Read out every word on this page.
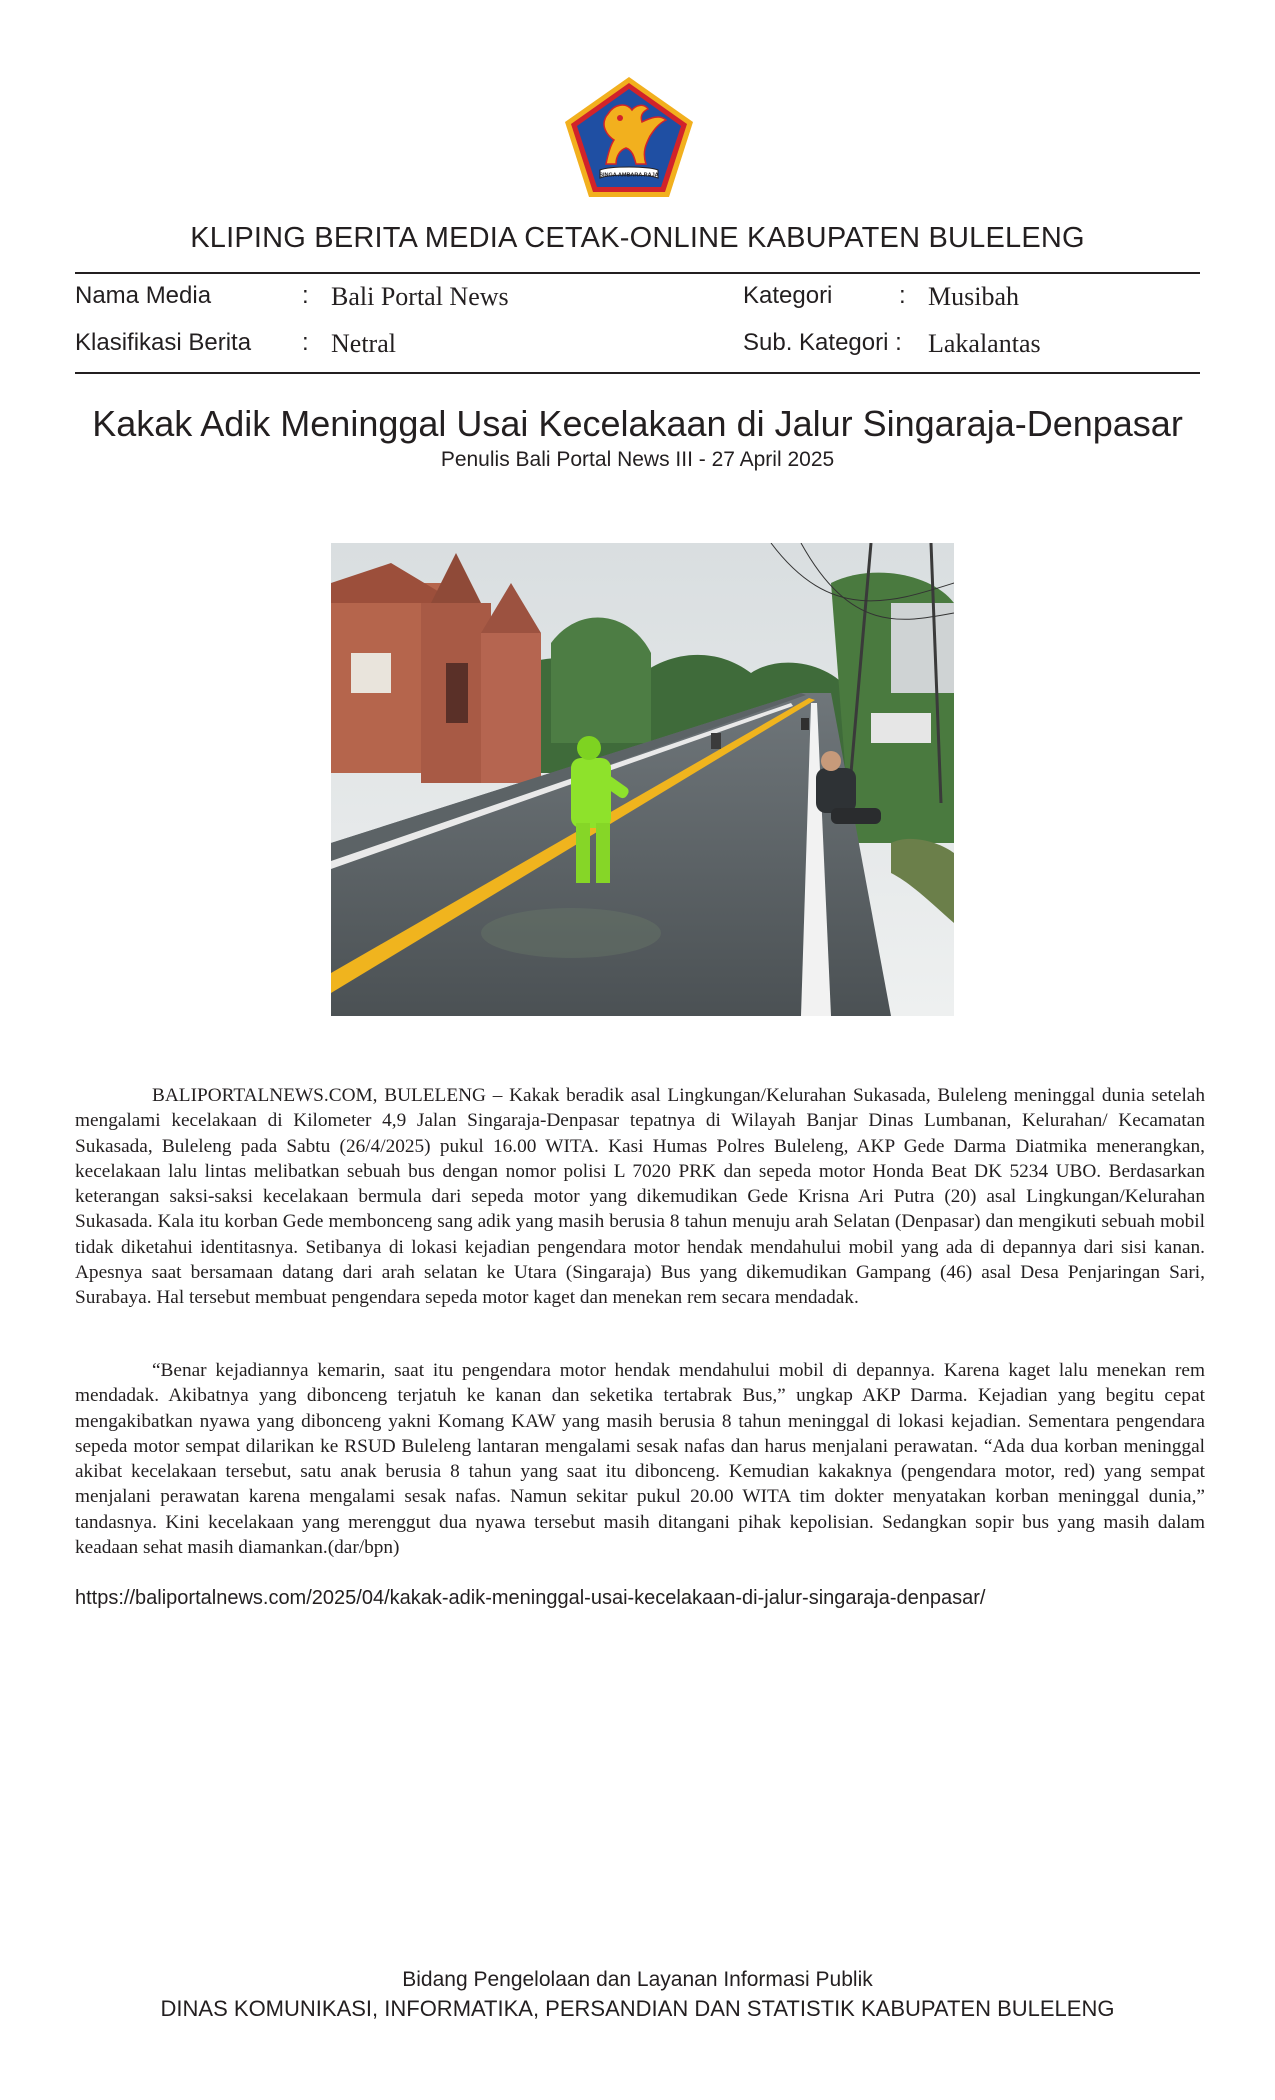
SINGA AMBARA RAJA
KLIPING BERITA MEDIA CETAK-ONLINE KABUPATEN BULELENG
Nama Media	: Bali Portal News	Kategori	: Musibah
Klasifikasi Berita : Netral	Sub. Kategori : Lakalantas
Kakak Adik Meninggal Usai Kecelakaan di Jalur Singaraja-Denpasar
Penulis Bali Portal News III - 27 April 2025

BALIPORTALNEWS.COM, BULELENG – Kakak beradik asal Lingkungan/Kelurahan Sukasada, Buleleng meninggal dunia setelah mengalami kecelakaan di Kilometer 4,9 Jalan Singaraja-Denpasar tepatnya di Wilayah Banjar Dinas Lumbanan, Kelurahan/ Kecamatan Sukasada, Buleleng pada Sabtu (26/4/2025) pukul 16.00 WITA. Kasi Humas Polres Buleleng, AKP Gede Darma Diatmika menerangkan, kecelakaan lalu lintas melibatkan sebuah bus dengan nomor polisi L 7020 PRK dan sepeda motor Honda Beat DK 5234 UBO. Berdasarkan keterangan saksi-saksi kecelakaan bermula dari sepeda motor yang dikemudikan Gede Krisna Ari Putra (20) asal Lingkungan/Kelurahan Sukasada. Kala itu korban Gede membonceng sang adik yang masih berusia 8 tahun menuju arah Selatan (Denpasar) dan mengikuti sebuah mobil tidak diketahui identitasnya. Setibanya di lokasi kejadian pengendara motor hendak mendahului mobil yang ada di depannya dari sisi kanan. Apesnya saat bersamaan datang dari arah selatan ke Utara (Singaraja) Bus yang dikemudikan Gampang (46) asal Desa Penjaringan Sari, Surabaya. Hal tersebut membuat pengendara sepeda motor kaget dan menekan rem secara mendadak.

“Benar kejadiannya kemarin, saat itu pengendara motor hendak mendahului mobil di depannya. Karena kaget lalu menekan rem mendadak. Akibatnya yang dibonceng terjatuh ke kanan dan seketika tertabrak Bus,” ungkap AKP Darma. Kejadian yang begitu cepat mengakibatkan nyawa yang dibonceng yakni Komang KAW yang masih berusia 8 tahun meninggal di lokasi kejadian. Sementara pengendara sepeda motor sempat dilarikan ke RSUD Buleleng lantaran mengalami sesak nafas dan harus menjalani perawatan. “Ada dua korban meninggal akibat kecelakaan tersebut, satu anak berusia 8 tahun yang saat itu dibonceng. Kemudian kakaknya (pengendara motor, red) yang sempat menjalani perawatan karena mengalami sesak nafas. Namun sekitar pukul 20.00 WITA tim dokter menyatakan korban meninggal dunia,” tandasnya. Kini kecelakaan yang merenggut dua nyawa tersebut masih ditangani pihak kepolisian. Sedangkan sopir bus yang masih dalam keadaan sehat masih diamankan.(dar/bpn)

https://baliportalnews.com/2025/04/kakak-adik-meninggal-usai-kecelakaan-di-jalur-singaraja-denpasar/
Bidang Pengelolaan dan Layanan Informasi Publik
DINAS KOMUNIKASI, INFORMATIKA, PERSANDIAN DAN STATISTIK KABUPATEN BULELENG
